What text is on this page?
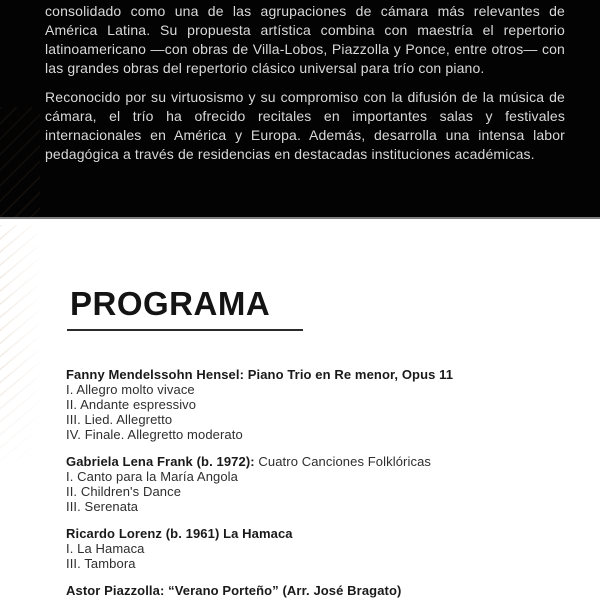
consolidado como una de las agrupaciones de cámara más relevantes de América Latina. Su propuesta artística combina con maestría el repertorio latinoamericano —con obras de Villa-Lobos, Piazzolla y Ponce, entre otros— con las grandes obras del repertorio clásico universal para trío con piano.

Reconocido por su virtuosismo y su compromiso con la difusión de la música de cámara, el trío ha ofrecido recitales en importantes salas y festivales internacionales en América y Europa. Además, desarrolla una intensa labor pedagógica a través de residencias en destacadas instituciones académicas.

PROGRAMA

Fanny Mendelssohn Hensel: Piano Trio en Re menor, Opus 11

I. Allegro molto vivace

II. Andante espressivo

III. Lied. Allegretto

IV. Finale. Allegretto moderato

Gabriela Lena Frank (b. 1972): Cuatro Canciones Folklóricas

I. Canto para la María Angola

II. Children's Dance

III. Serenata

Ricardo Lorenz (b. 1961) La Hamaca

I. La Hamaca

III. Tambora

Astor Piazzolla: “Verano Porteño” (Arr. José Bragato)
